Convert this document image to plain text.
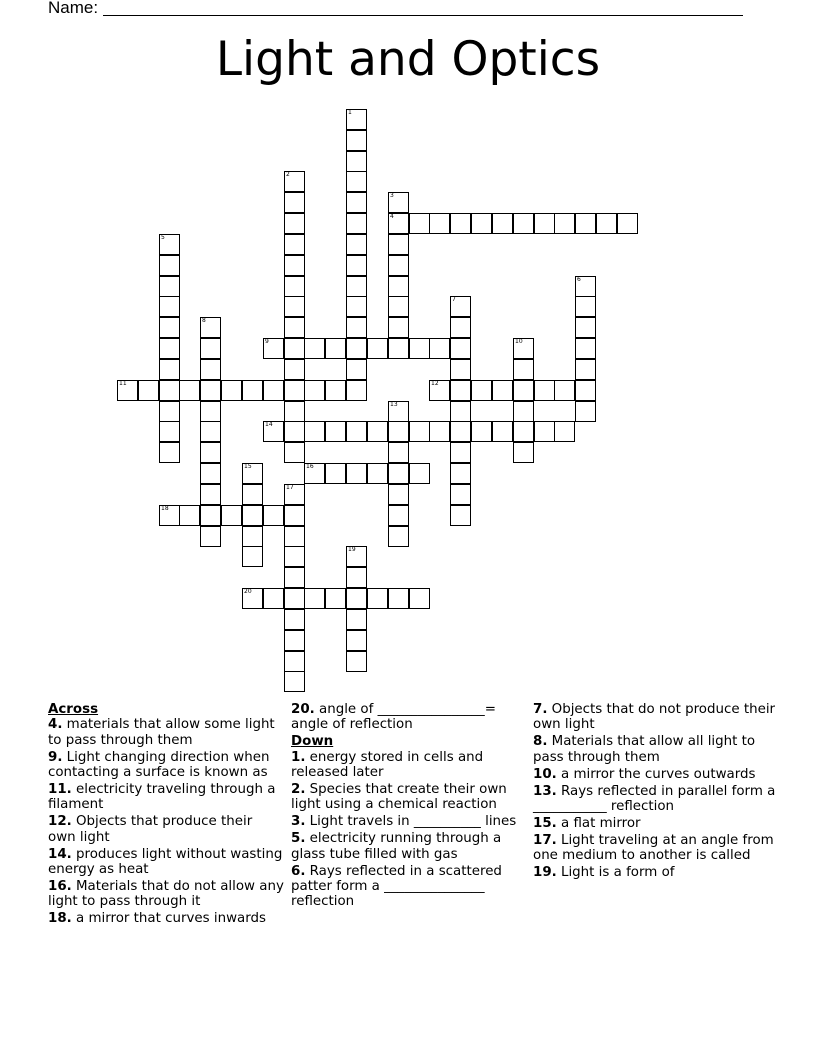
Name:
Light and Optics
1
2
3
4
5
6
7
8
9	10
11	12
13
14
15	16
17
18
19
20
Across
4. materials that allow some light to pass through them
9. Light changing direction when contacting a surface is known as
11. electricity traveling through a filament
12. Objects that produce their own light
14. produces light without wasting energy as heat
16. Materials that do not allow any light to pass through it
18. a mirror that curves inwards
20. angle of ________________= angle of reflection
Down
1. energy stored in cells and released later
2. Species that create their own light using a chemical reaction
3. Light travels in __________ lines
5. electricity running through a glass tube filled with gas
6. Rays reflected in a scattered patter form a _______________ reflection
7. Objects that do not produce their own light
8. Materials that allow all light to pass through them
10. a mirror the curves outwards
13. Rays reflected in parallel form a ___________ reflection
15. a flat mirror
17. Light traveling at an angle from one medium to another is called
19. Light is a form of
